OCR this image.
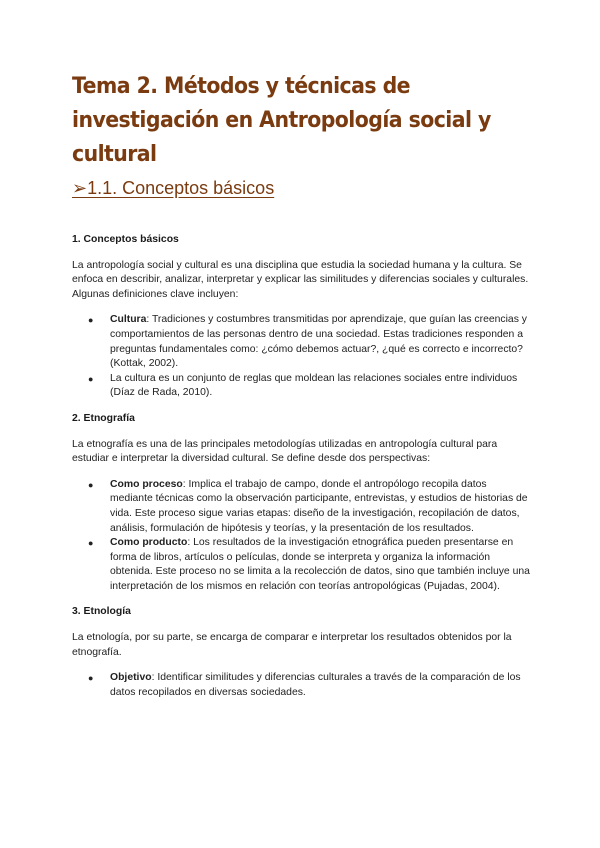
Tema 2. Métodos y técnicas de investigación en Antropología social y cultural
➢1.1. Conceptos básicos

1. Conceptos básicos

La antropología social y cultural es una disciplina que estudia la sociedad humana y la cultura. Se enfoca en describir, analizar, interpretar y explicar las similitudes y diferencias sociales y culturales. Algunas definiciones clave incluyen:

● Cultura: Tradiciones y costumbres transmitidas por aprendizaje, que guían las creencias y comportamientos de las personas dentro de una sociedad. Estas tradiciones responden a preguntas fundamentales como: ¿cómo debemos actuar?, ¿qué es correcto e incorrecto? (Kottak, 2002).
● La cultura es un conjunto de reglas que moldean las relaciones sociales entre individuos (Díaz de Rada, 2010).

2. Etnografía

La etnografía es una de las principales metodologías utilizadas en antropología cultural para estudiar e interpretar la diversidad cultural. Se define desde dos perspectivas:

● Como proceso: Implica el trabajo de campo, donde el antropólogo recopila datos mediante técnicas como la observación participante, entrevistas, y estudios de historias de vida. Este proceso sigue varias etapas: diseño de la investigación, recopilación de datos, análisis, formulación de hipótesis y teorías, y la presentación de los resultados.
● Como producto: Los resultados de la investigación etnográfica pueden presentarse en forma de libros, artículos o películas, donde se interpreta y organiza la información obtenida. Este proceso no se limita a la recolección de datos, sino que también incluye una interpretación de los mismos en relación con teorías antropológicas (Pujadas, 2004).

3. Etnología

La etnología, por su parte, se encarga de comparar e interpretar los resultados obtenidos por la etnografía.

● Objetivo: Identificar similitudes y diferencias culturales a través de la comparación de los datos recopilados en diversas sociedades.
